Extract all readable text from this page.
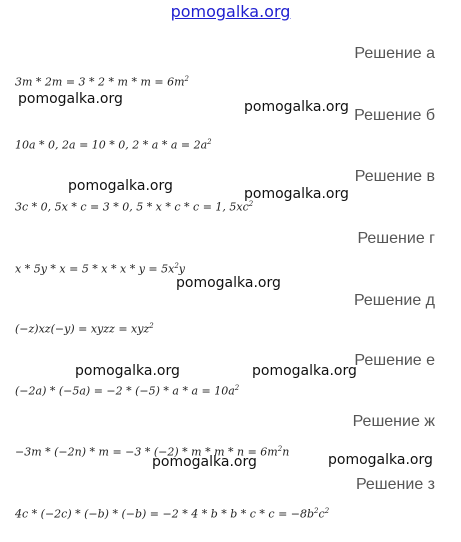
pomogalka.org
Решение а
$3m * 2m = 3 * 2 * m * m = 6m^2$
Решение б
10a * 0, 2a = 10 * 0, $2 * a * a = 2a^2$
Решение в
3c * 0, 5x * c = 3 * 0, 5 * x * c * c = 1, $5xc^2$
Решение г
$x * 5y * x = 5 * x * x * y = 5x^2y$
Решение д
(−z)xz(−y) = xyzz = xyz$^2$
Решение е
$(-2a) * (-5a) = -2 * (-5) * a * a = 10a^2$
Решение ж
$-3m * (-2n) * m = -3 * (-2) * m * m * n = 6m^2n$
Решение з
$4c * (-2c) * (-b) * (-b) = -2 * 4 * b * b * c * c = -8b^2c^2$
pomogalka.org	pomogalka.org
pomogalka.org	pomogalka.org
pomogalka.org
pomogalka.org	pomogalka.org
pomogalka.org	pomogalka.org
